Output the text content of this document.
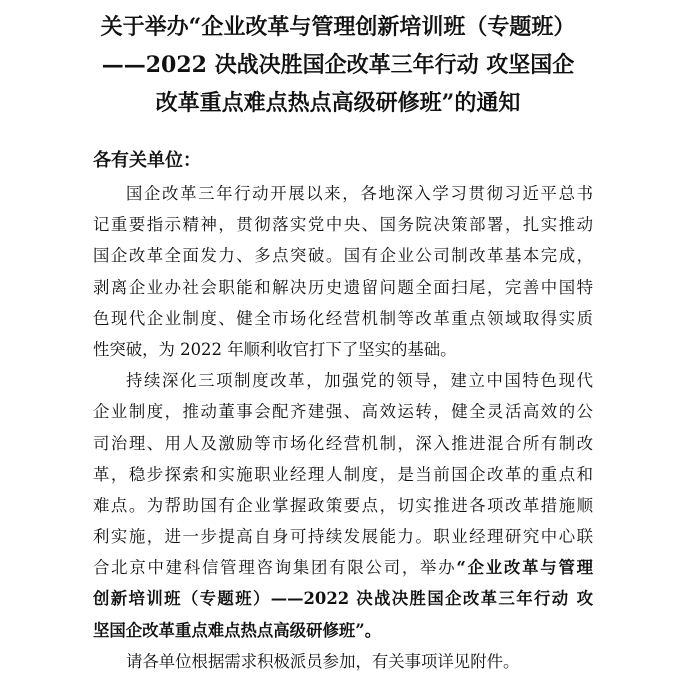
关于举办“企业改革与管理创新培训班（专题班）
——2022 决战决胜国企改革三年行动 攻坚国企
改革重点难点热点高级研修班”的通知
各有关单位：
国企改革三年行动开展以来，各地深入学习贯彻习近平总书
记重要指示精神，贯彻落实党中央、国务院决策部署，扎实推动
国企改革全面发力、多点突破。国有企业公司制改革基本完成，
剥离企业办社会职能和解决历史遗留问题全面扫尾，完善中国特
色现代企业制度、健全市场化经营机制等改革重点领域取得实质
性突破，为 2022 年顺利收官打下了坚实的基础。
持续深化三项制度改革，加强党的领导，建立中国特色现代
企业制度，推动董事会配齐建强、高效运转，健全灵活高效的公
司治理、用人及激励等市场化经营机制，深入推进混合所有制改
革，稳步探索和实施职业经理人制度，是当前国企改革的重点和
难点。为帮助国有企业掌握政策要点，切实推进各项改革措施顺
利实施，进一步提高自身可持续发展能力。职业经理研究中心联
合北京中建科信管理咨询集团有限公司，举办“企业改革与管理
创新培训班（专题班）——2022 决战决胜国企改革三年行动 攻
坚国企改革重点难点热点高级研修班”。
请各单位根据需求积极派员参加，有关事项详见附件。
